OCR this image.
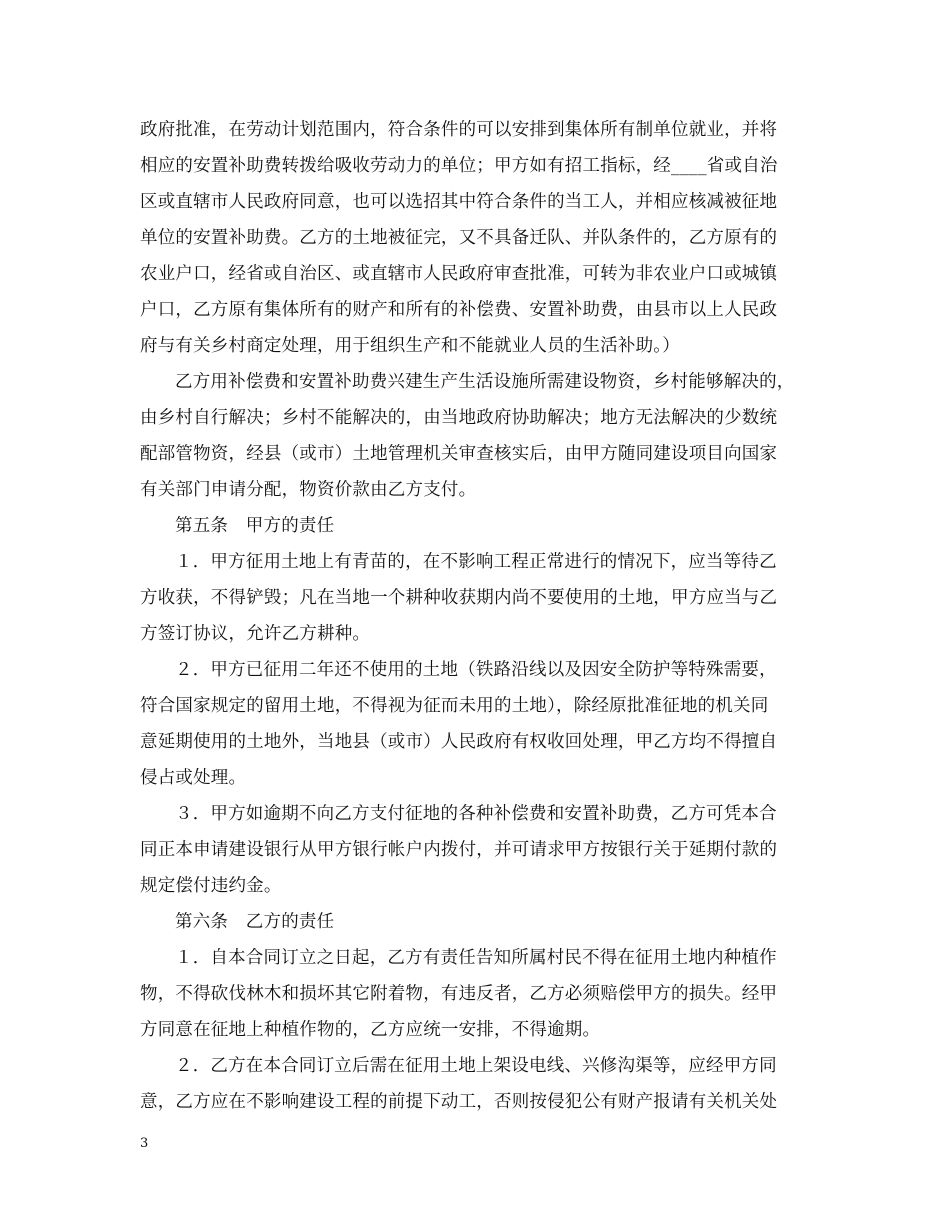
政府批准，在劳动计划范围内，符合条件的可以安排到集体所有制单位就业，并将
相应的安置补助费转拨给吸收劳动力的单位；甲方如有招工指标，经____省或自治
区或直辖市人民政府同意，也可以选招其中符合条件的当工人，并相应核减被征地
单位的安置补助费。乙方的土地被征完，又不具备迁队、并队条件的，乙方原有的
农业户口，经省或自治区、或直辖市人民政府审查批准，可转为非农业户口或城镇
户口，乙方原有集体所有的财产和所有的补偿费、安置补助费，由县市以上人民政
府与有关乡村商定处理，用于组织生产和不能就业人员的生活补助。）
乙方用补偿费和安置补助费兴建生产生活设施所需建设物资，乡村能够解决的，
由乡村自行解决；乡村不能解决的，由当地政府协助解决；地方无法解决的少数统
配部管物资，经县（或市）土地管理机关审查核实后，由甲方随同建设项目向国家
有关部门申请分配，物资价款由乙方支付。
第五条　甲方的责任
１．甲方征用土地上有青苗的，在不影响工程正常进行的情况下，应当等待乙
方收获，不得铲毁；凡在当地一个耕种收获期内尚不要使用的土地，甲方应当与乙
方签订协议，允许乙方耕种。
２．甲方已征用二年还不使用的土地（铁路沿线以及因安全防护等特殊需要，
符合国家规定的留用土地，不得视为征而未用的土地），除经原批准征地的机关同
意延期使用的土地外，当地县（或市）人民政府有权收回处理，甲乙方均不得擅自
侵占或处理。
３．甲方如逾期不向乙方支付征地的各种补偿费和安置补助费，乙方可凭本合
同正本申请建设银行从甲方银行帐户内拨付，并可请求甲方按银行关于延期付款的
规定偿付违约金。
第六条　乙方的责任
１．自本合同订立之日起，乙方有责任告知所属村民不得在征用土地内种植作
物，不得砍伐林木和损坏其它附着物，有违反者，乙方必须赔偿甲方的损失。经甲
方同意在征地上种植作物的，乙方应统一安排，不得逾期。
２．乙方在本合同订立后需在征用土地上架设电线、兴修沟渠等，应经甲方同
意，乙方应在不影响建设工程的前提下动工，否则按侵犯公有财产报请有关机关处
3
